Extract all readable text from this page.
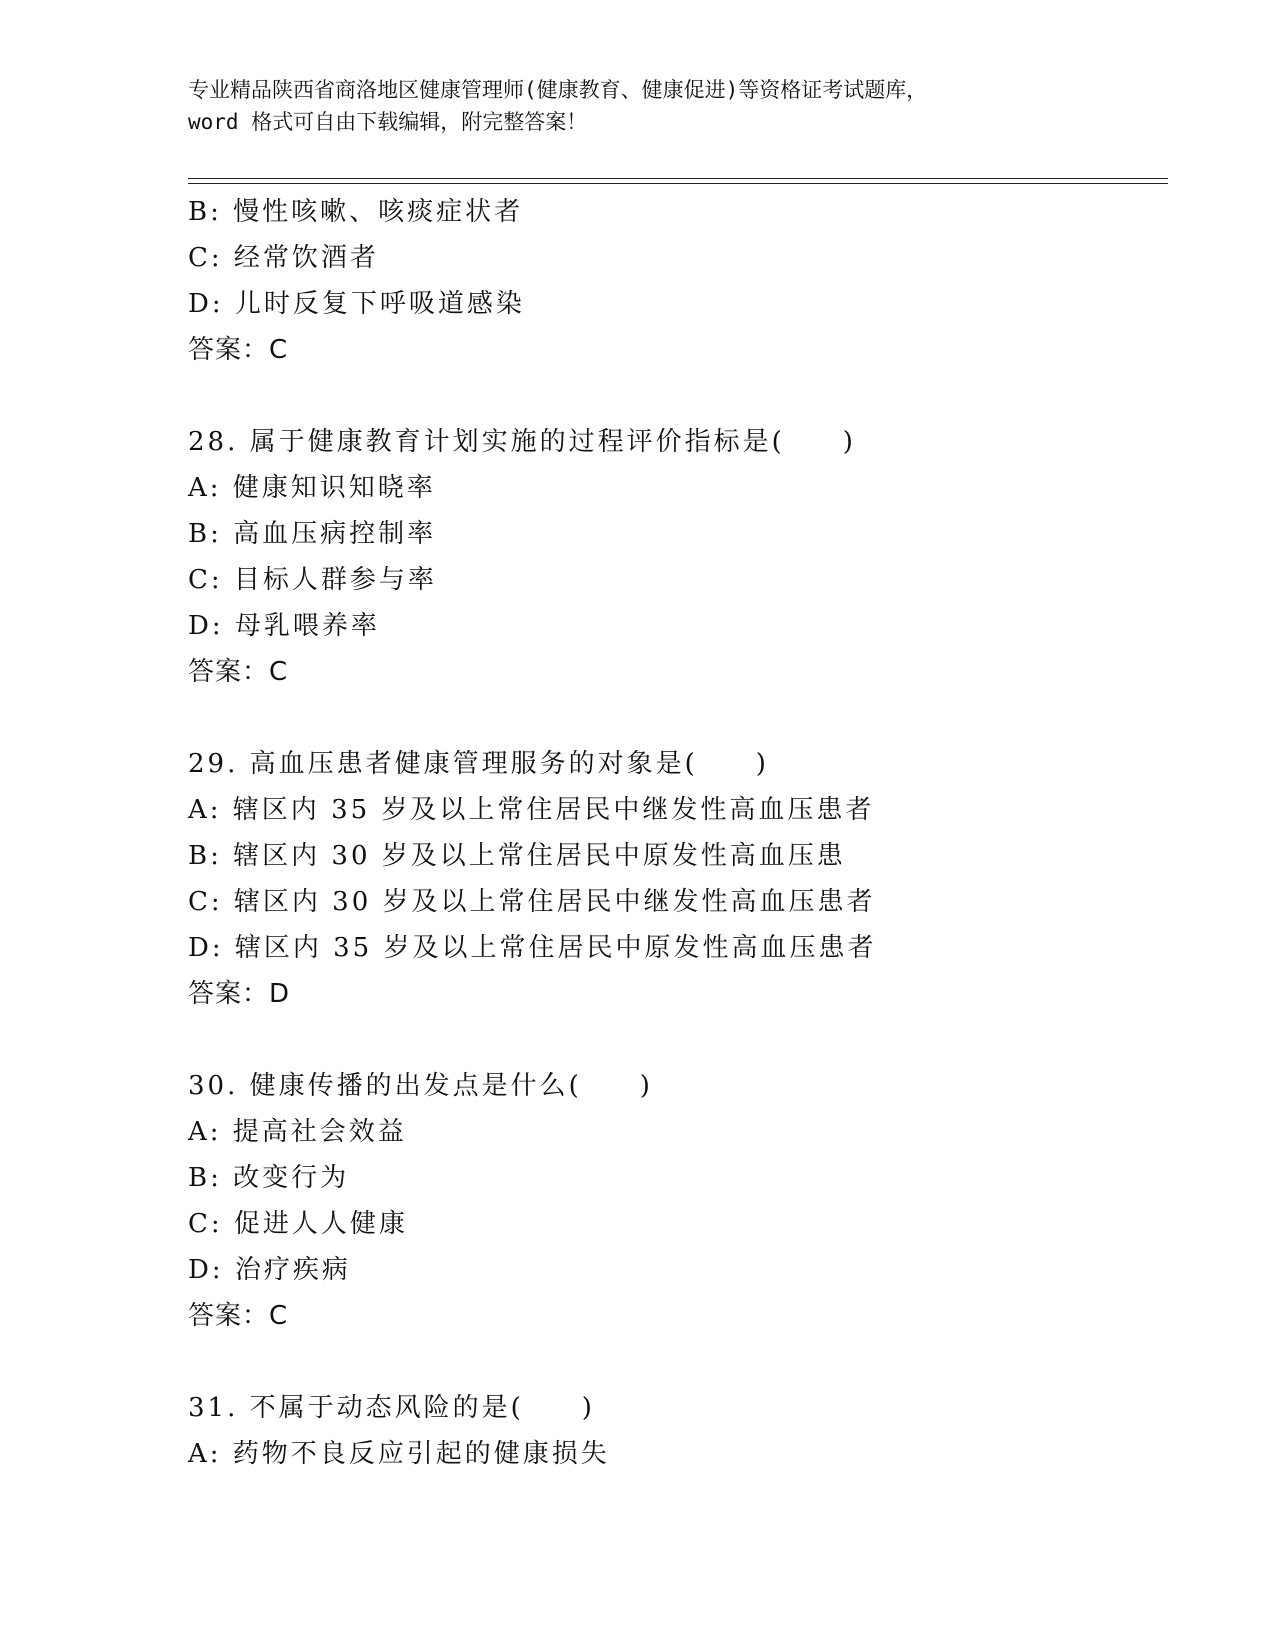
专业精品陕西省商洛地区健康管理师(健康教育、健康促进)等资格证考试题库，
word 格式可自由下载编辑，附完整答案！
B: 慢性咳嗽、咳痰症状者
C: 经常饮酒者
D: 儿时反复下呼吸道感染
答案：C
28. 属于健康教育计划实施的过程评价指标是(　　)
A: 健康知识知晓率
B: 高血压病控制率
C: 目标人群参与率
D: 母乳喂养率
答案：C
29. 高血压患者健康管理服务的对象是(　　)
A: 辖区内 35 岁及以上常住居民中继发性高血压患者
B: 辖区内 30 岁及以上常住居民中原发性高血压患
C: 辖区内 30 岁及以上常住居民中继发性高血压患者
D: 辖区内 35 岁及以上常住居民中原发性高血压患者
答案：D
30. 健康传播的出发点是什么(　　)
A: 提高社会效益
B: 改变行为
C: 促进人人健康
D: 治疗疾病
答案：C
31. 不属于动态风险的是(　　)
A: 药物不良反应引起的健康损失
